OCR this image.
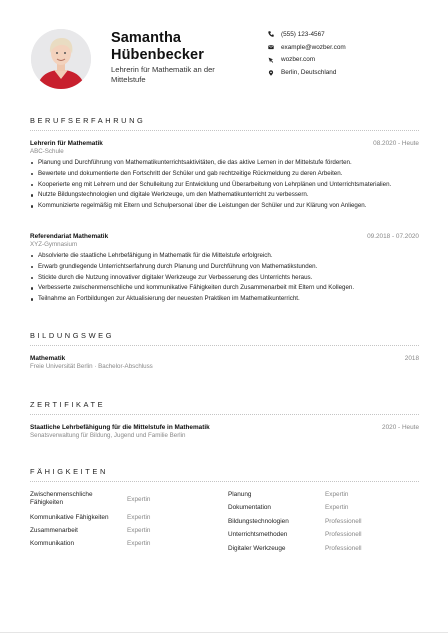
Samantha Hübenbecker
Lehrerin für Mathematik an der Mittelstufe
(555) 123-4567
example@wozber.com
wozber.com
Berlin, Deutschland
BERUFSERFAHRUNG
Lehrerin für Mathematik	08.2020 - Heute
ABC-Schule
Planung und Durchführung von Mathematikunterrichtsaktivitäten, die das aktive Lernen in der Mittelstufe förderten.
Bewertete und dokumentierte den Fortschritt der Schüler und gab rechtzeitige Rückmeldung zu deren Arbeiten.
Kooperierte eng mit Lehrern und der Schulleitung zur Entwicklung und Überarbeitung von Lehrplänen und Unterrichtsmaterialien.
Nutzte Bildungstechnologien und digitale Werkzeuge, um den Mathematikunterricht zu verbessern.
Kommunizierte regelmäßig mit Eltern und Schulpersonal über die Leistungen der Schüler und zur Klärung von Anliegen.
Referendariat Mathematik	09.2018 - 07.2020
XYZ-Gymnasium
Absolvierte die staatliche Lehrbefähigung in Mathematik für die Mittelstufe erfolgreich.
Erwarb grundlegende Unterrichtserfahrung durch Planung und Durchführung von Mathematikstunden.
Stickte durch die Nutzung innovativer digitaler Werkzeuge zur Verbesserung des Unterrichts heraus.
Verbesserte zwischenmenschliche und kommunikative Fähigkeiten durch Zusammenarbeit mit Eltern und Kollegen.
Teilnahme an Fortbildungen zur Aktualisierung der neuesten Praktiken im Mathematikunterricht.
BILDUNGSWEG
Mathematik	2018
Freie Universität Berlin · Bachelor-Abschluss
ZERTIFIKATE
Staatliche Lehrbefähigung für die Mittelstufe in Mathematik	2020 - Heute
Senatsverwaltung für Bildung, Jugend und Familie Berlin
FÄHIGKEITEN
Zwischenmenschliche Fähigkeiten	Expertin
Kommunikative Fähigkeiten	Expertin
Zusammenarbeit	Expertin
Kommunikation	Expertin
Planung	Expertin
Dokumentation	Expertin
Bildungstechnologien	Professionell
Unterrichtsmethoden	Professionell
Digitaler Werkzeuge	Professionell
